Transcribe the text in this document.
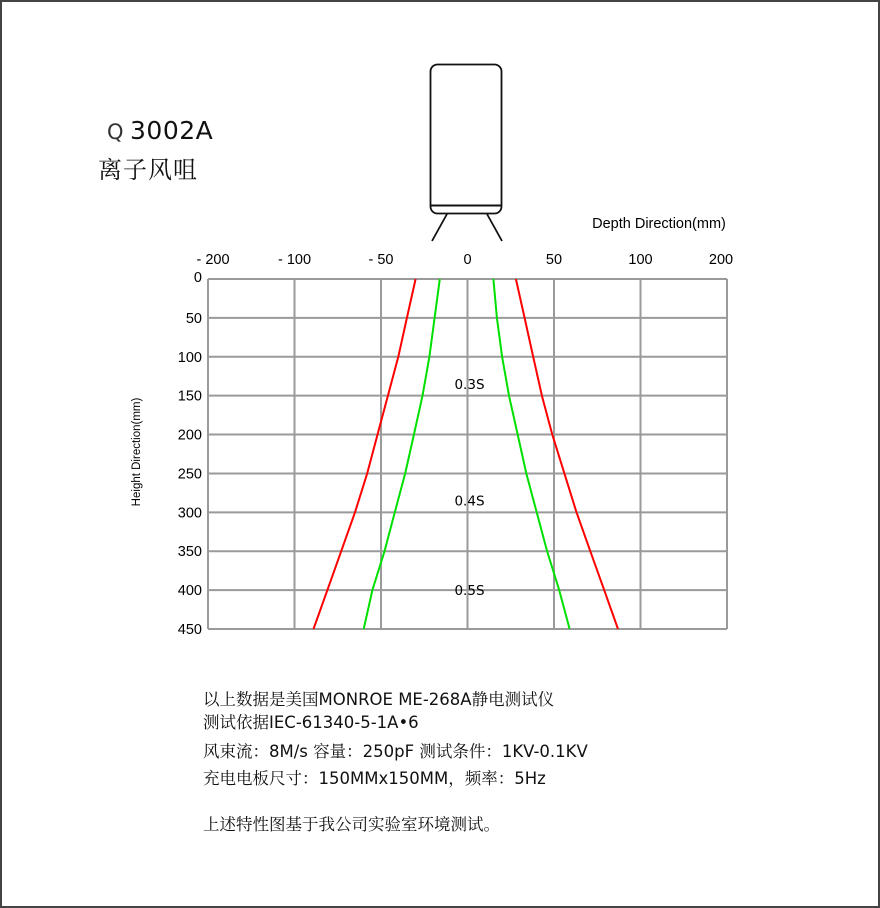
Q 3002A
离子风咀
Depth Direction(mm)
Height Direction(mm)
- 200	- 100	- 50	0	50	100	200
0
50
100
150
200
250
300
350
400
450
0.3S
0.4S
0.5S
以上数据是美国MONROE ME-268A静电测试仪
测试依据IEC-61340-5-1A•6
风束流：8M/s 容量：250pF 测试条件：1KV-0.1KV
充电电板尺寸：150MMx150MM，频率：5Hz
上述特性图基于我公司实验室环境测试。
